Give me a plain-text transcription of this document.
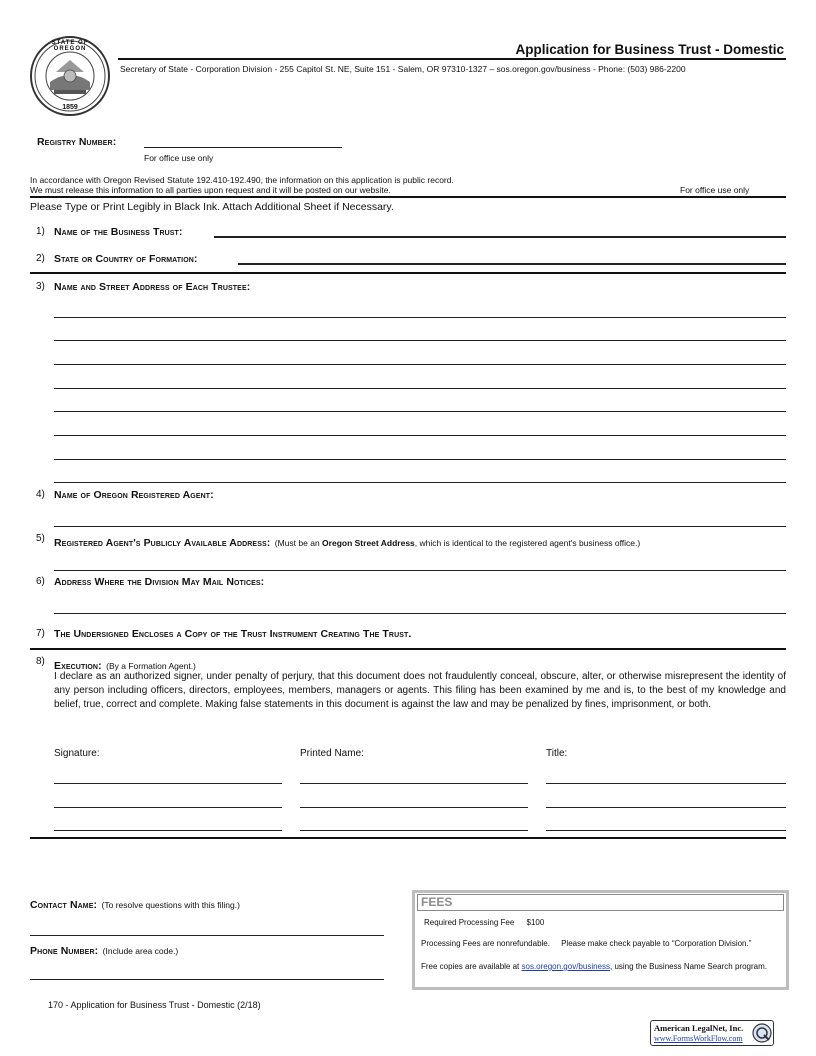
STATE OF OREGON
1859
Application for Business Trust - Domestic
Secretary of State - Corporation Division - 255 Capitol St. NE, Suite 151 - Salem, OR 97310-1327 – sos.oregon.gov/business - Phone: (503) 986-2200
Registry Number:
For office use only
In accordance with Oregon Revised Statute 192.410-192.490, the information on this application is public record.
We must release this information to all parties upon request and it will be posted on our website.	For office use only
Please Type or Print Legibly in Black Ink. Attach Additional Sheet if Necessary.
1) Name of the Business Trust:
2) State or Country of Formation:
3) Name and Street Address of Each Trustee:
4) Name of Oregon Registered Agent:
5) Registered Agent's Publicly Available Address: (Must be an Oregon Street Address, which is identical to the registered agent's business office.)
6) Address Where the Division May Mail Notices:
7) The Undersigned Encloses a Copy of the Trust Instrument Creating The Trust.
8) Execution: (By a Formation Agent.)
I declare as an authorized signer, under penalty of perjury, that this document does not fraudulently conceal, obscure, alter, or otherwise misrepresent the identity of any person including officers, directors, employees, members, managers or agents. This filing has been examined by me and is, to the best of my knowledge and belief, true, correct and complete. Making false statements in this document is against the law and may be penalized by fines, imprisonment, or both.
Signature:	Printed Name:	Title:
Contact Name: (To resolve questions with this filing.)
Phone Number: (Include area code.)
FEES
Required Processing Fee $100
Processing Fees are nonrefundable.     Please make check payable to “Corporation Division.”
Free copies are available at sos.oregon.gov/business, using the Business Name Search program.
170 - Application for Business Trust - Domestic (2/18)
American LegalNet, Inc.
www.FormsWorkFlow.com
